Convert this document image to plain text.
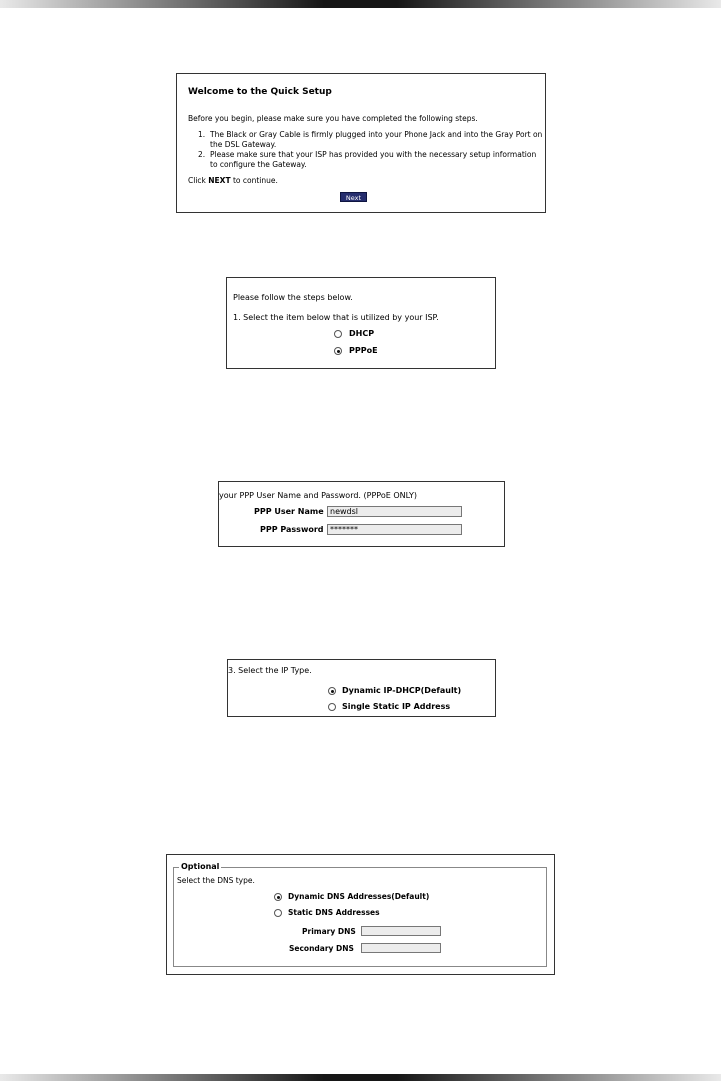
Welcome to the Quick Setup
Before you begin, please make sure you have completed the following steps.
1. The Black or Gray Cable is firmly plugged into your Phone Jack and into the Gray Port on
the DSL Gateway.
2. Please make sure that your ISP has provided you with the necessary setup information
to configure the Gateway.
Click NEXT to continue.
Next
Please follow the steps below.
1. Select the item below that is utilized by your ISP.
DHCP
PPPoE
your PPP User Name and Password. (PPPoE ONLY)
PPP User Name
newdsl
PPP Password
*******
3. Select the IP Type.
Dynamic IP-DHCP(Default)
Single Static IP Address
Optional
Select the DNS type.
Dynamic DNS Addresses(Default)
Static DNS Addresses
Primary DNS
Secondary DNS
